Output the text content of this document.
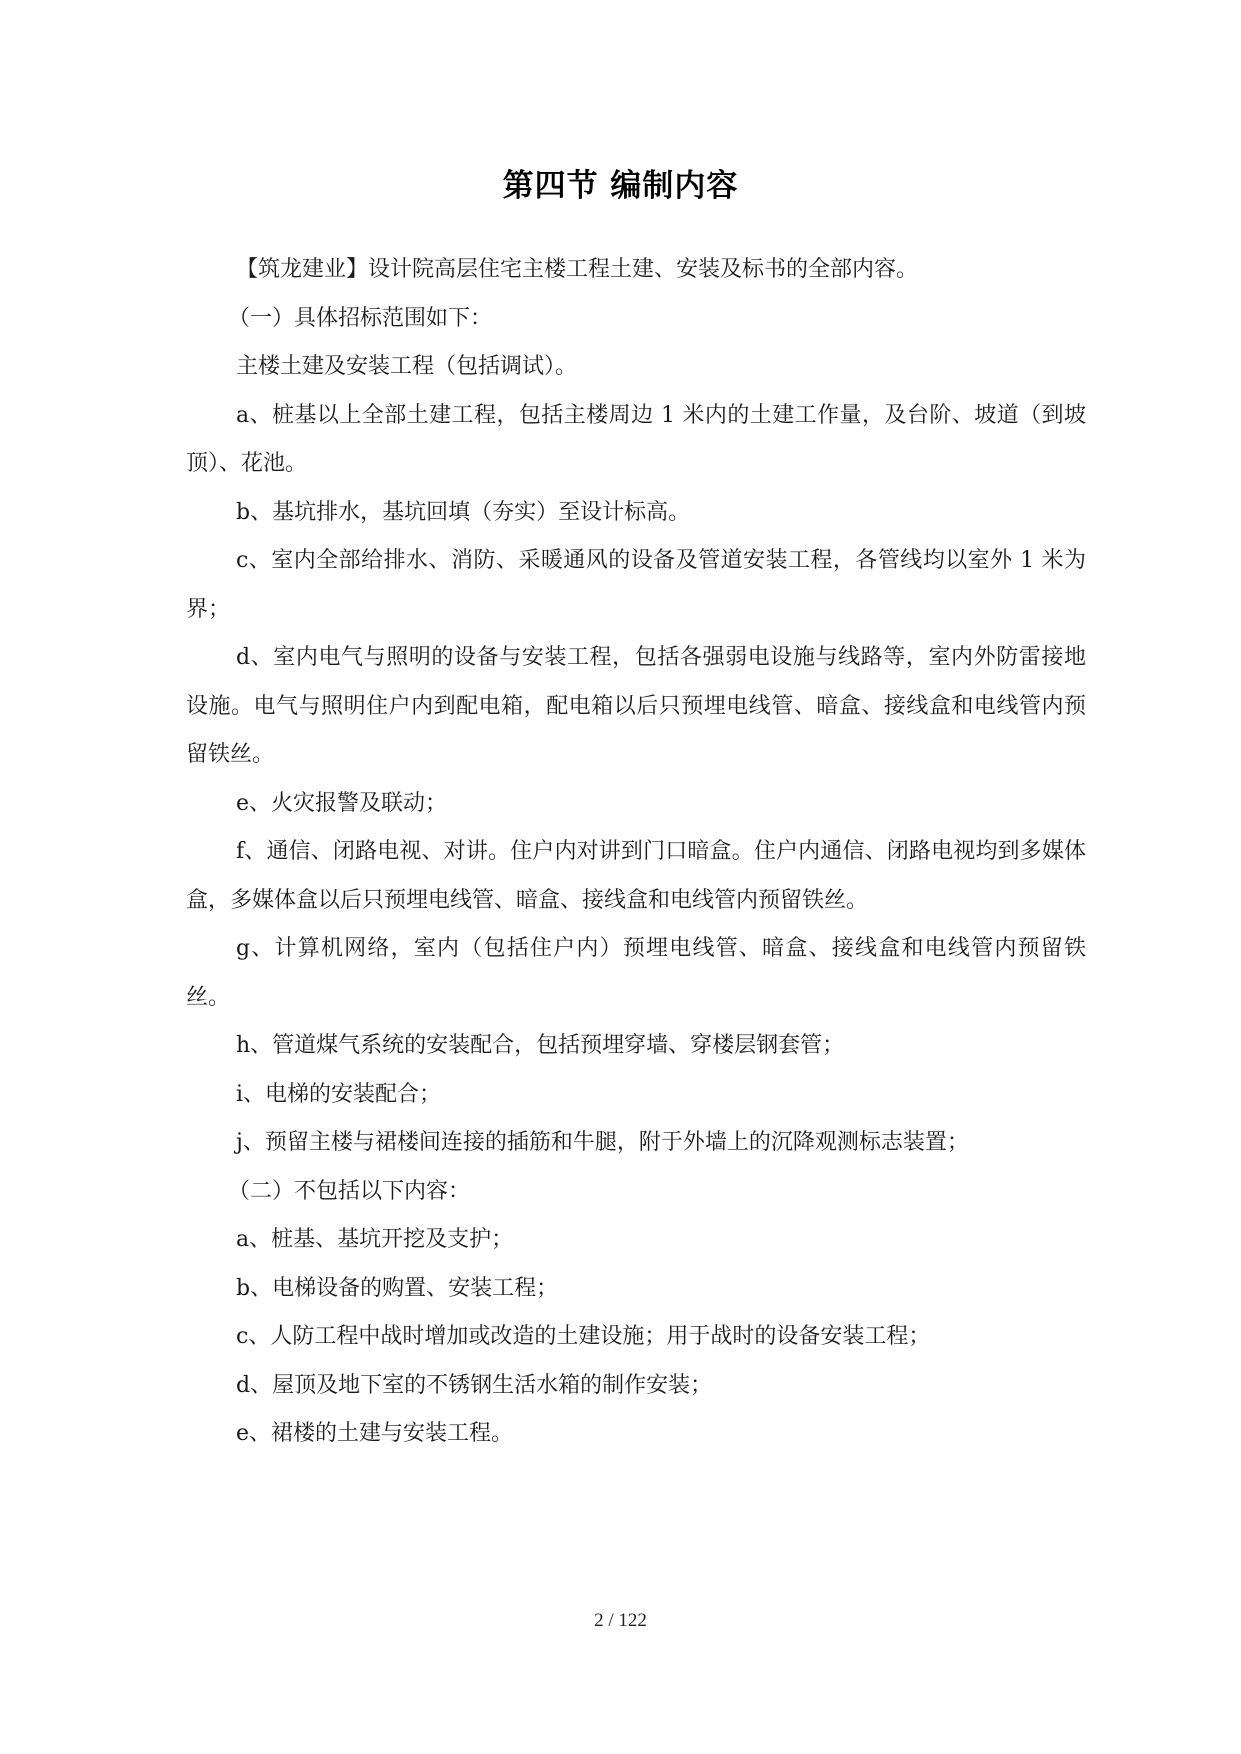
第四节 编制内容

【筑龙建业】设计院高层住宅主楼工程土建、安装及标书的全部内容。

（一）具体招标范围如下：

主楼土建及安装工程（包括调试）。

a、桩基以上全部土建工程，包括主楼周边 1 米内的土建工作量，及台阶、坡道（到坡顶）、花池。

b、基坑排水，基坑回填（夯实）至设计标高。

c、室内全部给排水、消防、采暖通风的设备及管道安装工程，各管线均以室外 1 米为界；

d、室内电气与照明的设备与安装工程，包括各强弱电设施与线路等，室内外防雷接地设施。电气与照明住户内到配电箱，配电箱以后只预埋电线管、暗盒、接线盒和电线管内预留铁丝。

e、火灾报警及联动；

f、通信、闭路电视、对讲。住户内对讲到门口暗盒。住户内通信、闭路电视均到多媒体盒，多媒体盒以后只预埋电线管、暗盒、接线盒和电线管内预留铁丝。

g、计算机网络，室内（包括住户内）预埋电线管、暗盒、接线盒和电线管内预留铁丝。

h、管道煤气系统的安装配合，包括预埋穿墙、穿楼层钢套管；

i、电梯的安装配合；

j、预留主楼与裙楼间连接的插筋和牛腿，附于外墙上的沉降观测标志装置；

（二）不包括以下内容：

a、桩基、基坑开挖及支护；

b、电梯设备的购置、安装工程；

c、人防工程中战时增加或改造的土建设施；用于战时的设备安装工程；

d、屋顶及地下室的不锈钢生活水箱的制作安装；

e、裙楼的土建与安装工程。

2 / 122
